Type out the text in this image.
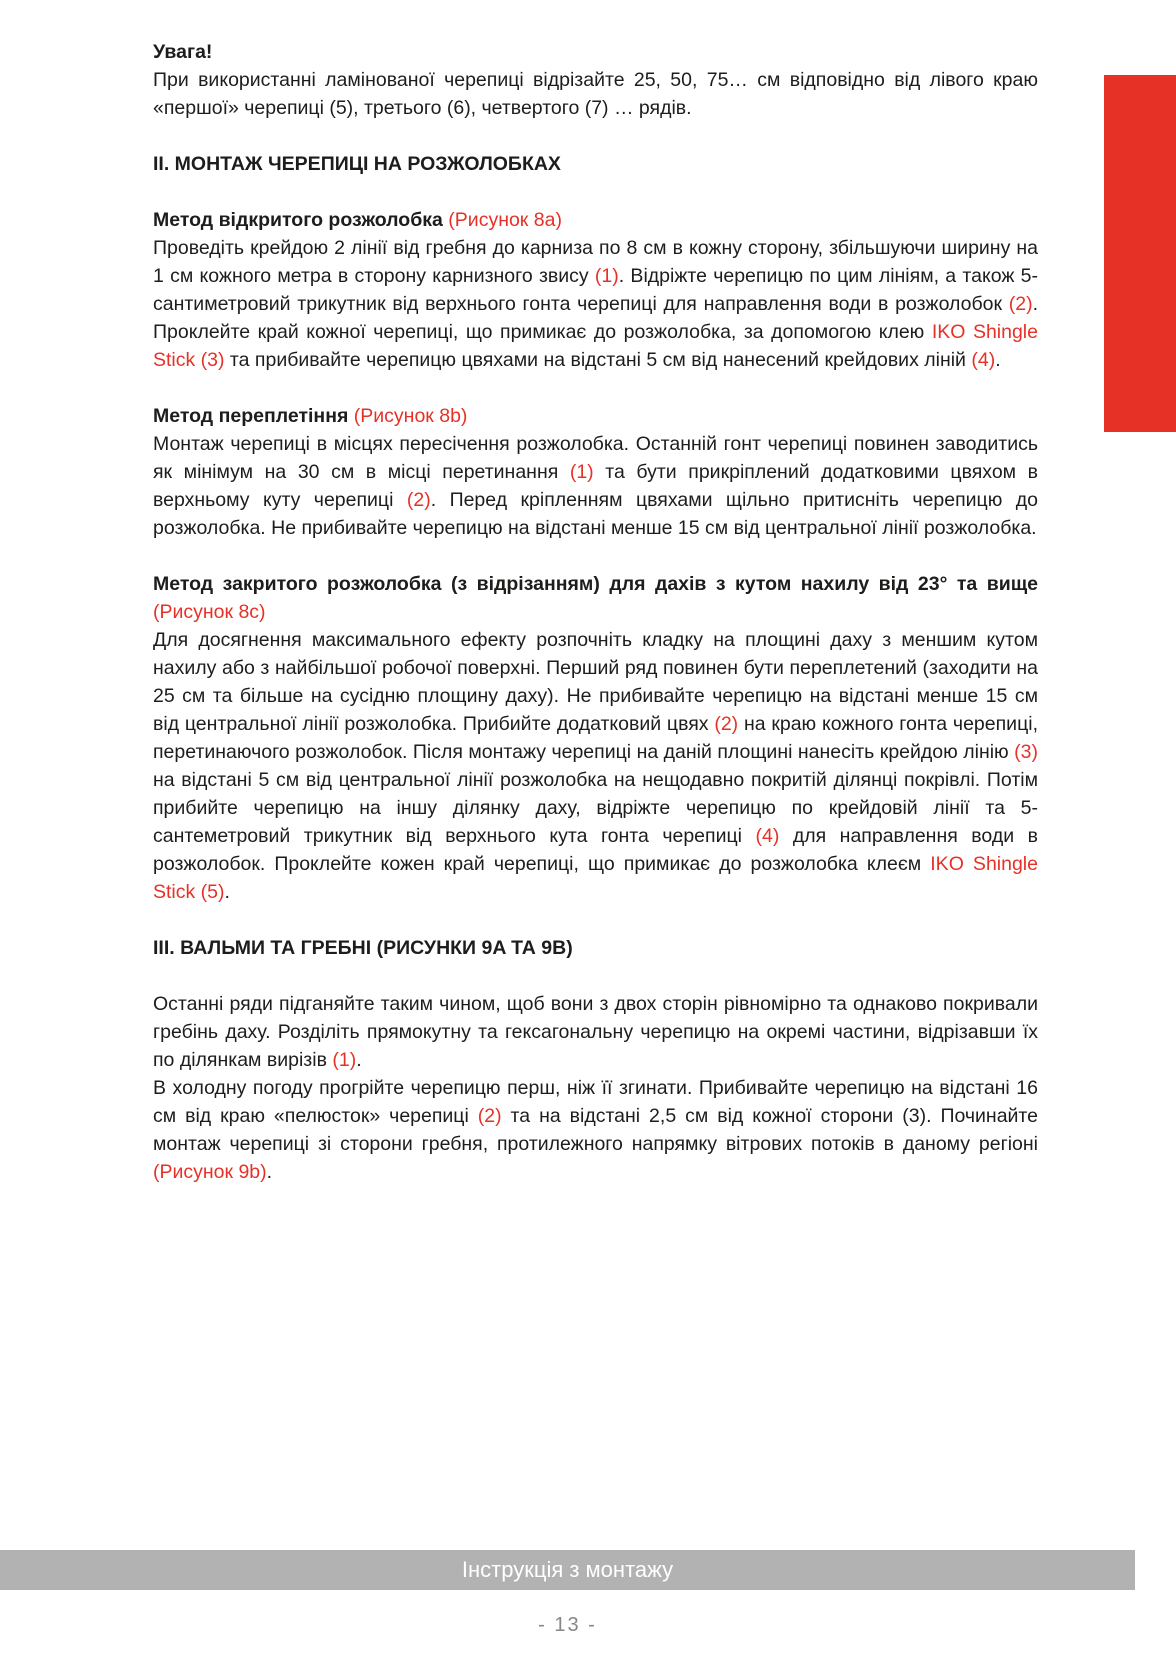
Увага!

При використанні ламінованої черепиці відрізайте 25, 50, 75… см відповідно від лівого краю «першої» черепиці (5), третього (6), четвертого (7) … рядів.

II. МОНТАЖ ЧЕРЕПИЦІ НА РОЗЖОЛОБКАХ

Метод відкритого розжолобка (Рисунок 8a)

Проведіть крейдою 2 лінії від гребня до карниза по 8 см в кожну сторону, збільшуючи ширину на 1 см кожного метра в сторону карнизного звису (1). Відріжте черепицю по цим лініям, а також 5-сантиметровий трикутник від верхнього гонта черепиці для направлення води в розжолобок (2). Проклейте край кожної черепиці, що примикає до розжолобка, за допомогою клею IKO Shingle Stick (3) та прибивайте черепицю цвяхами на відстані 5 см від нанесений крейдових ліній (4).

Метод переплетіння (Рисунок 8b)

Монтаж черепиці в місцях пересічення розжолобка. Останній гонт черепиці повинен заводитись як мінімум на 30 см в місці перетинання (1) та бути прикріплений додатковими цвяхом в верхньому куту черепиці (2). Перед кріпленням цвяхами щільно притисніть черепицю до розжолобка. Не прибивайте черепицю на відстані менше 15 см від центральної лінії розжолобка.

Метод закритого розжолобка (з відрізанням) для дахів з кутом нахилу від 23° та вище (Рисунок 8c)

Для досягнення максимального ефекту розпочніть кладку на площині даху з меншим кутом нахилу або з найбільшої робочої поверхні. Перший ряд повинен бути переплетений (заходити на 25 см та більше на сусідню площину даху). Не прибивайте черепицю на відстані менше 15 см від центральної лінії розжолобка. Прибийте додатковий цвях (2) на краю кожного гонта черепиці, перетинаючого розжолобок. Після монтажу черепиці на даній площині нанесіть крейдою лінію (3) на відстані 5 см від центральної лінії розжолобка на нещодавно покритій ділянці покрівлі. Потім прибийте черепицю на іншу ділянку даху, відріжте черепицю по крейдовій лінії та 5-сантеметровий трикутник від верхнього кута гонта черепиці (4) для направлення води в розжолобок. Проклейте кожен край черепиці, що примикає до розжолобка клеєм IKO Shingle Stick (5).

III. ВАЛЬМИ ТА ГРЕБНІ (РИСУНКИ 9A ТА 9B)

Останні ряди підганяйте таким чином, щоб вони з двох сторін рівномірно та однаково покривали гребінь даху. Розділіть прямокутну та гексагональну черепицю на окремі частини, відрізавши їх по ділянкам вирізів (1).

В холодну погоду прогрійте черепицю перш, ніж її згинати. Прибивайте черепицю на відстані 16 см від краю «пелюсток» черепиці (2) та на відстані 2,5 см від кожної сторони (3). Починайте монтаж черепиці зі сторони гребня, протилежного напрямку вітрових потоків в даному регіоні (Рисунок 9b).

Інструкція з монтажу
- 13 -
